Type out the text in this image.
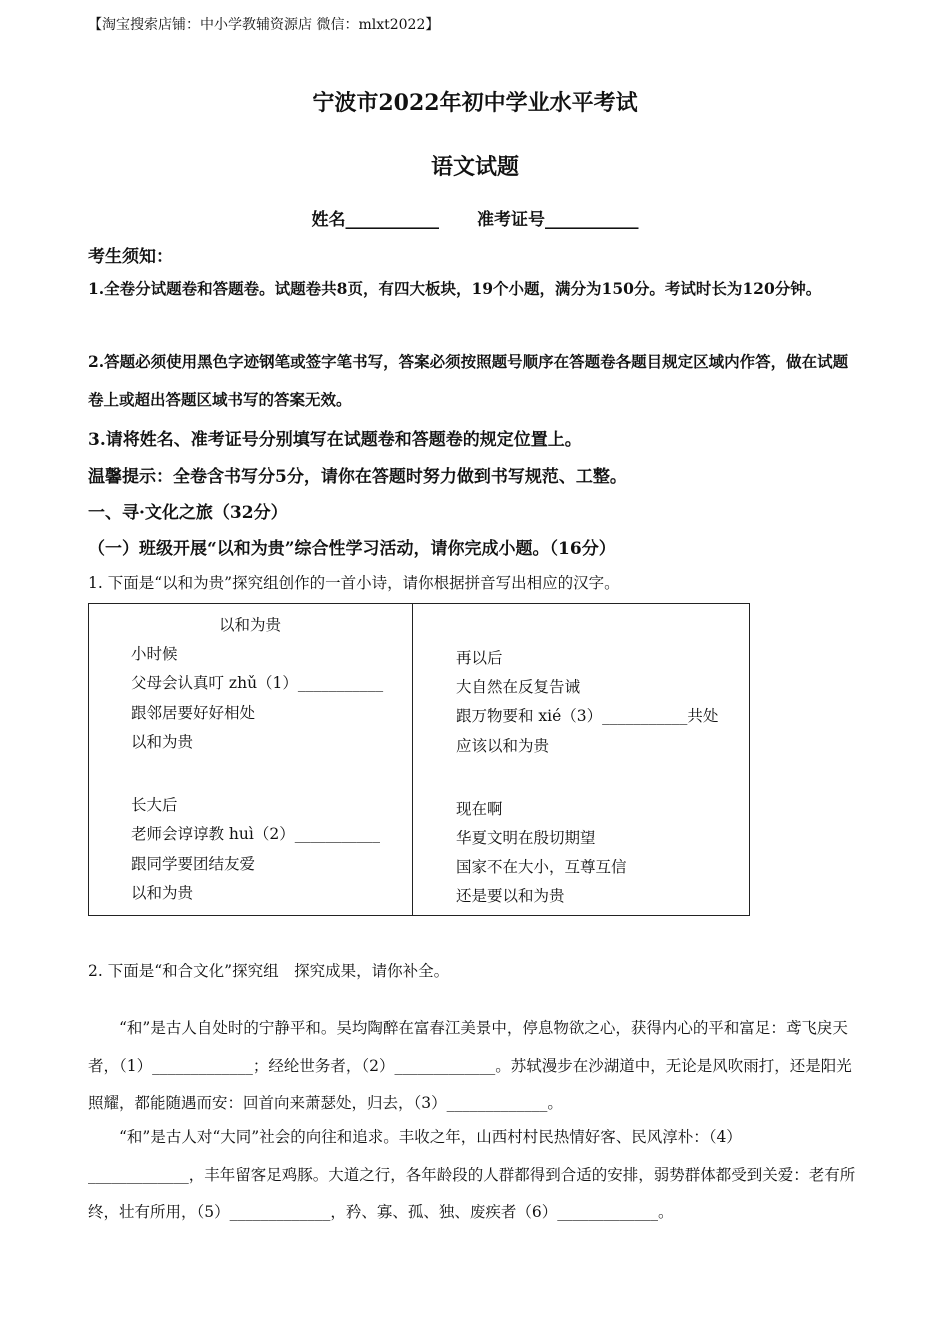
【淘宝搜索店铺：中小学教辅资源店 微信：mlxt2022】
宁波市2022年初中学业水平考试
语文试题
姓名___________ 准考证号___________
考生须知：
1.全卷分试题卷和答题卷。试题卷共8页，有四大板块，19个小题，满分为150分。考试时长为120分钟。
2.答题必须使用黑色字迹钢笔或签字笔书写，答案必须按照题号顺序在答题卷各题目规定区域内作答，做在试题卷上或超出答题区域书写的答案无效。
3.请将姓名、准考证号分别填写在试题卷和答题卷的规定位置上。
温馨提示：全卷含书写分5分，请你在答题时努力做到书写规范、工整。
一、寻·文化之旅（32分）
（一）班级开展“以和为贵”综合性学习活动，请你完成小题。（16分）
1. 下面是“以和为贵”探究组创作的一首小诗，请你根据拼音写出相应的汉字。
以和为贵
小时候
父母会认真叮 zhǔ（1）___________
跟邻居要好好相处
以和为贵
长大后
老师会谆谆教 huì（2）___________
跟同学要团结友爱
以和为贵
再以后
大自然在反复告诫
跟万物要和 xié（3）___________共处
应该以和为贵
现在啊
华夏文明在殷切期望
国家不在大小，互尊互信
还是要以和为贵
2. 下面是“和合文化”探究组　探究成果，请你补全。
“和”是古人自处时的宁静平和。吴均陶醉在富春江美景中，停息物欲之心，获得内心的平和富足：鸢飞戾天者，（1）_____________；经纶世务者，（2）_____________。苏轼漫步在沙湖道中，无论是风吹雨打，还是阳光照耀，都能随遇而安：回首向来萧瑟处，归去，（3）_____________。
“和”是古人对“大同”社会的向往和追求。丰收之年，山西村村民热情好客、民风淳朴：（4）_____________，丰年留客足鸡豚。大道之行，各年龄段的人群都得到合适的安排，弱势群体都受到关爱：老有所终，壮有所用，（5）_____________，矜、寡、孤、独、废疾者（6）_____________。
